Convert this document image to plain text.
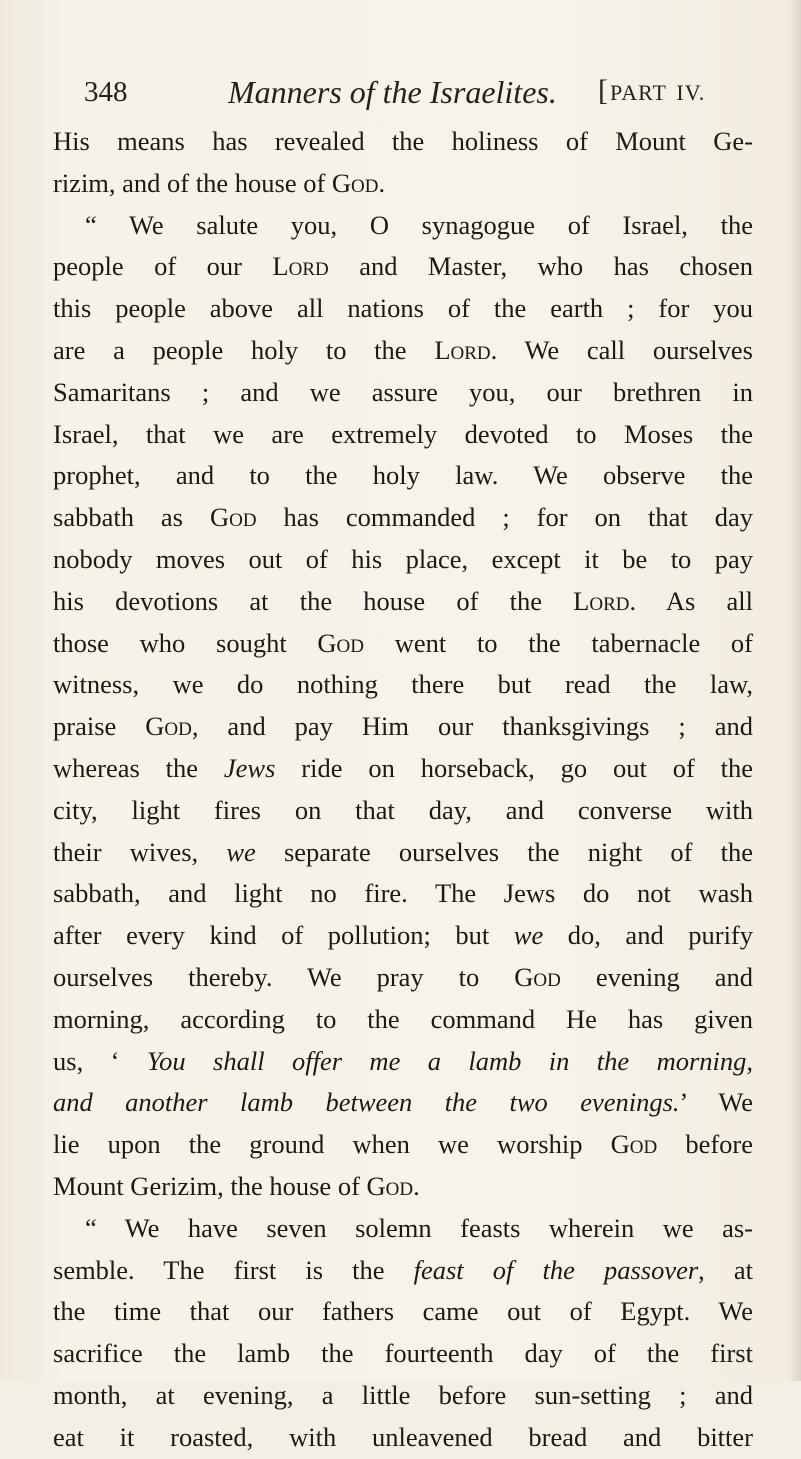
348	Manners of the Israelites. [PART IV.
His means has revealed the holiness of Mount Ge-
rizim, and of the house of God.
“ We salute you, O synagogue of Israel, the
people of our Lord and Master, who has chosen
this people above all nations of the earth ; for you
are a people holy to the Lord. We call ourselves
Samaritans ; and we assure you, our brethren in
Israel, that we are extremely devoted to Moses the
prophet, and to the holy law. We observe the
sabbath as God has commanded ; for on that day
nobody moves out of his place, except it be to pay
his devotions at the house of the Lord. As all
those who sought God went to the tabernacle of
witness, we do nothing there but read the law,
praise God, and pay Him our thanksgivings ; and
whereas the Jews ride on horseback, go out of the
city, light fires on that day, and converse with
their wives, we separate ourselves the night of the
sabbath, and light no fire. The Jews do not wash
after every kind of pollution; but we do, and purify
ourselves thereby. We pray to God evening and
morning, according to the command He has given
us, ‘ You shall offer me a lamb in the morning,
and another lamb between the two evenings.’ We
lie upon the ground when we worship God before
Mount Gerizim, the house of God.
“ We have seven solemn feasts wherein we as-
semble. The first is the feast of the passover, at
the time that our fathers came out of Egypt. We
sacrifice the lamb the fourteenth day of the first
month, at evening, a little before sun-setting ; and
eat it roasted, with unleavened bread and bitter
